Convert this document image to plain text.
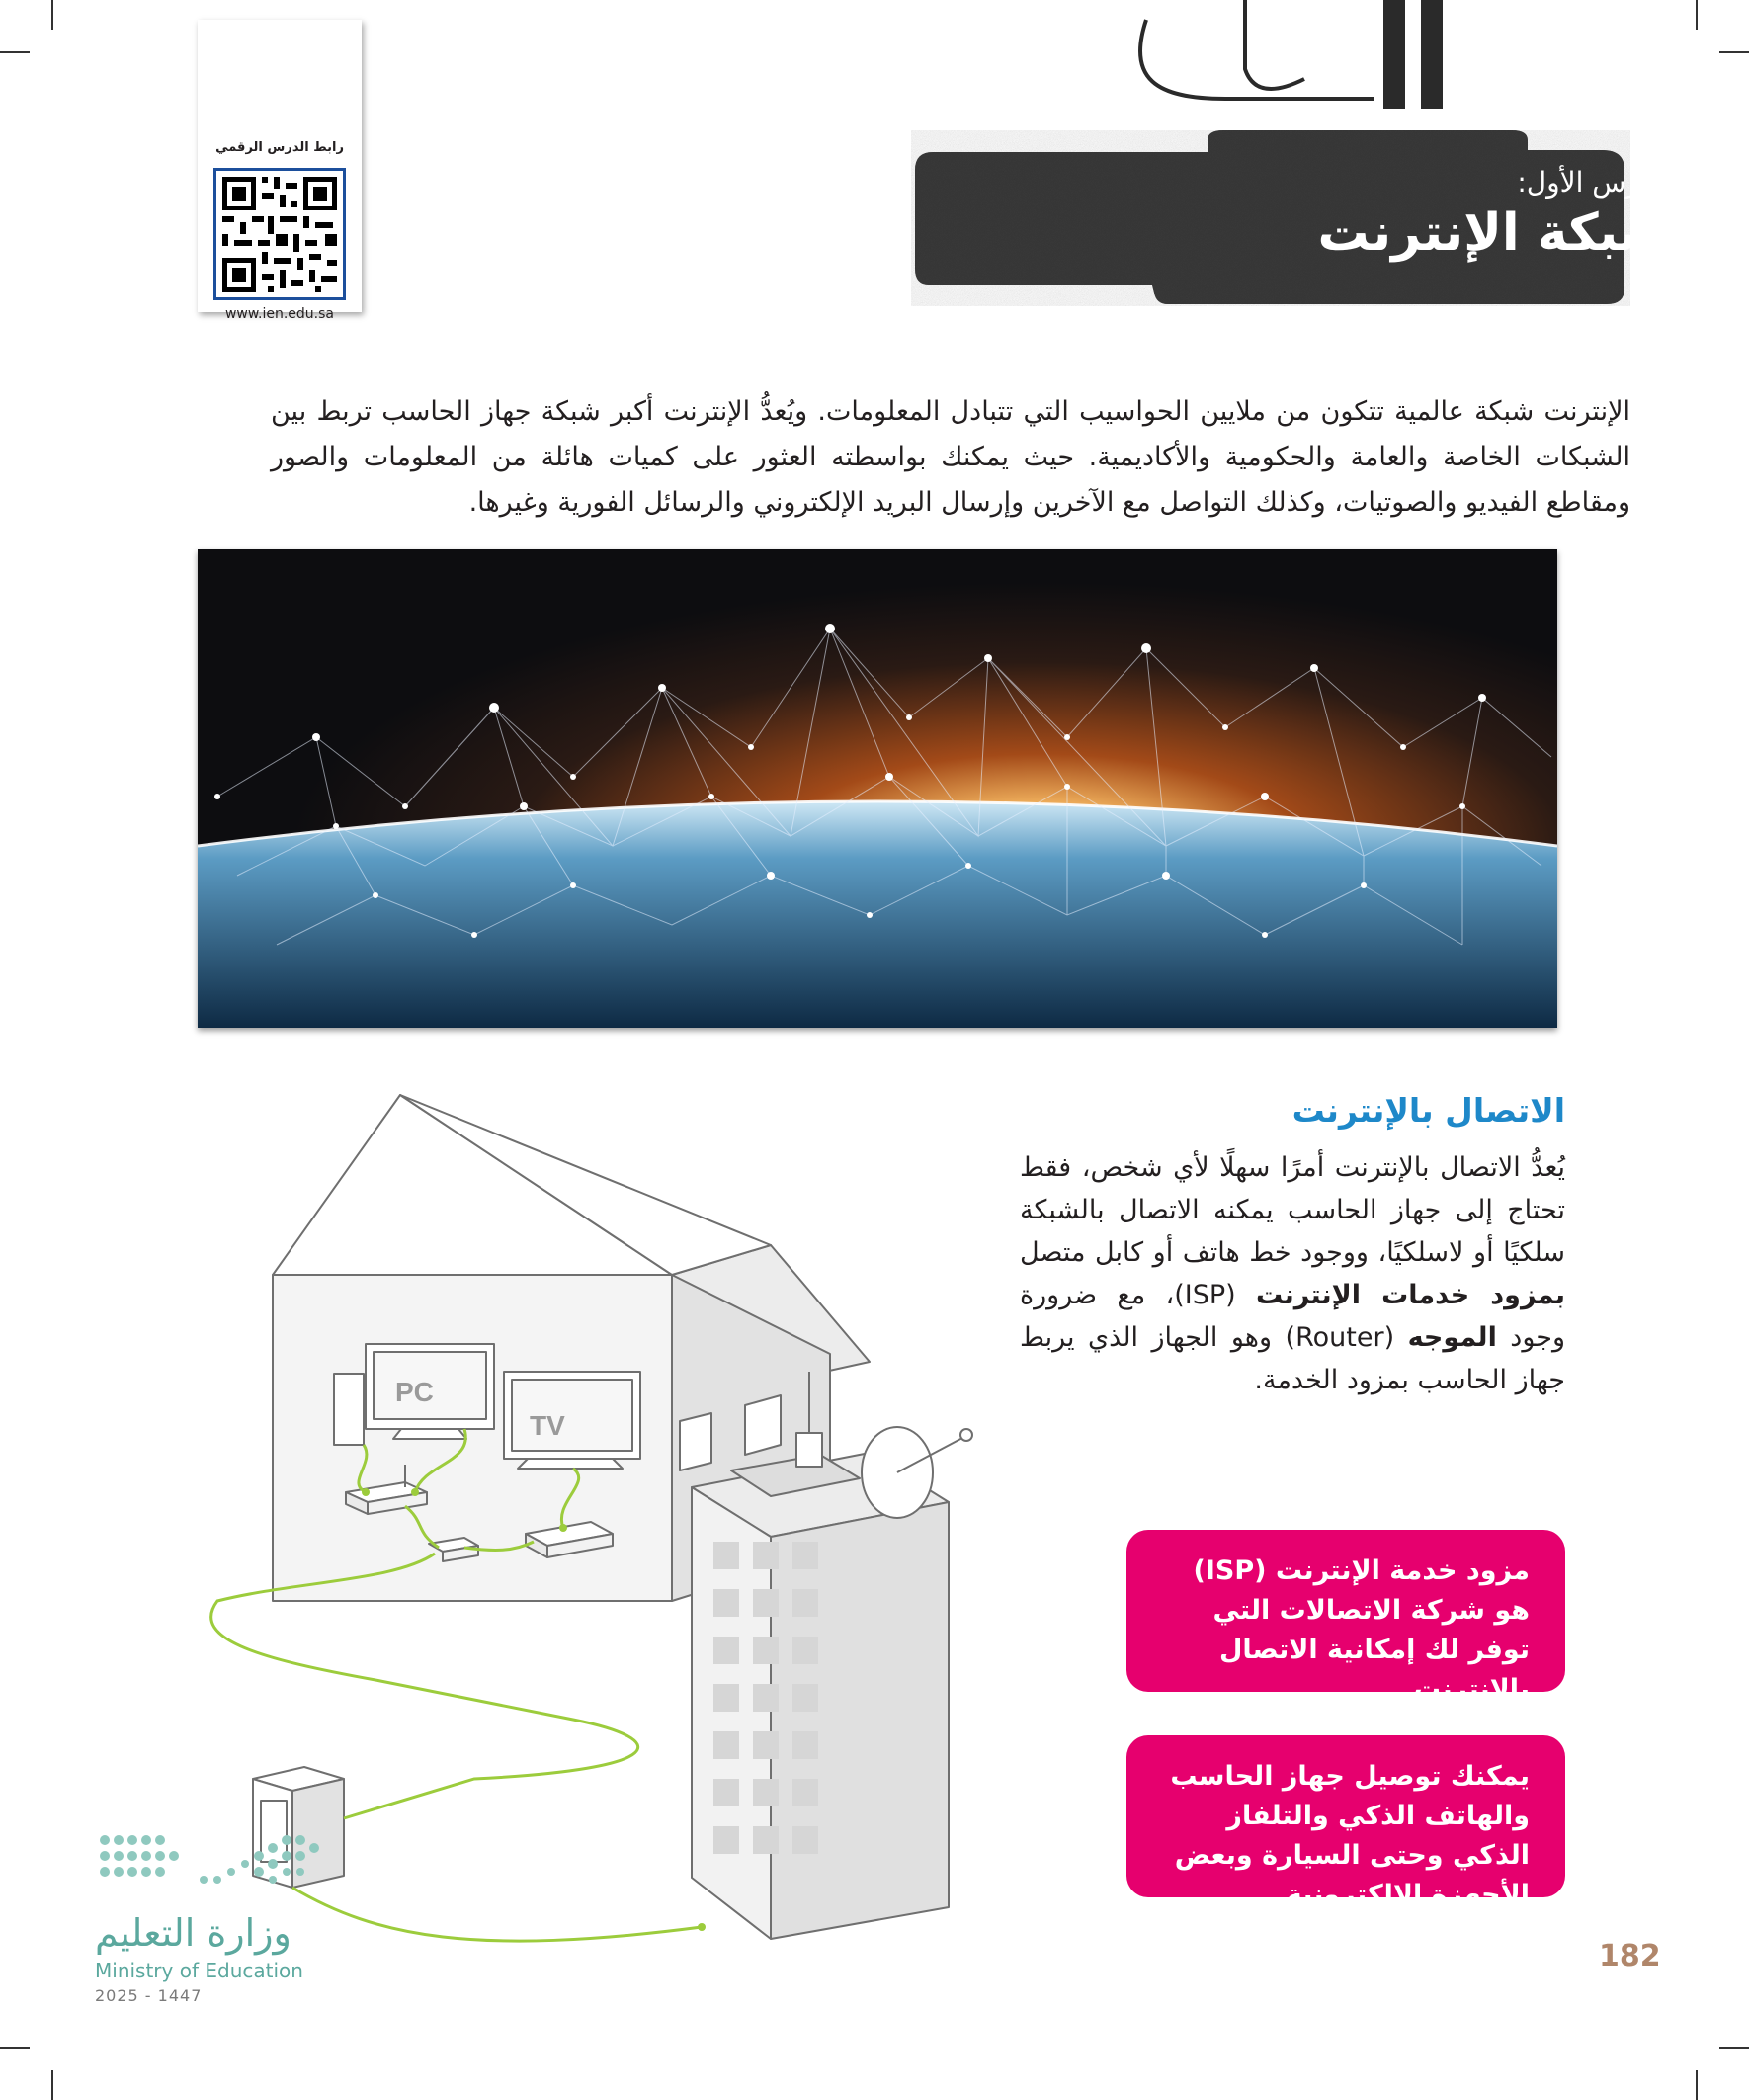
رابط الدرس الرقمي
www.ien.edu.sa
الدرس الأول:
شبكة الإنترنت
الإنترنت شبكة عالمية تتكون من ملايين الحواسيب التي تتبادل المعلومات. ويُعدُّ الإنترنت أكبر شبكة جهاز الحاسب تربط بين الشبكات الخاصة والعامة والحكومية والأكاديمية. حيث يمكنك بواسطته العثور على كميات هائلة من المعلومات والصور ومقاطع الفيديو والصوتيات، وكذلك التواصل مع الآخرين وإرسال البريد الإلكتروني والرسائل الفورية وغيرها.
الاتصال بالإنترنت
يُعدُّ الاتصال بالإنترنت أمرًا سهلًا لأي شخص، فقط تحتاج إلى جهاز الحاسب يمكنه الاتصال بالشبكة سلكيًا أو لاسلكيًا، ووجود خط هاتف أو كابل متصل بمزود خدمات الإنترنت (ISP)، مع ضرورة وجود الموجه (Router) وهو الجهاز الذي يربط جهاز الحاسب بمزود الخدمة.
PC
TV
مزود خدمة الإنترنت (ISP) هو شركة الاتصالات التي توفر لك إمكانية الاتصال بالإنترنت.
يمكنك توصيل جهاز الحاسب والهاتف الذكي والتلفاز الذكي وحتى السيارة وبعض الأجهزة الإلكترونية بالإنترنت.
وزارة التعليم
Ministry of Education
2025 - 1447
182
